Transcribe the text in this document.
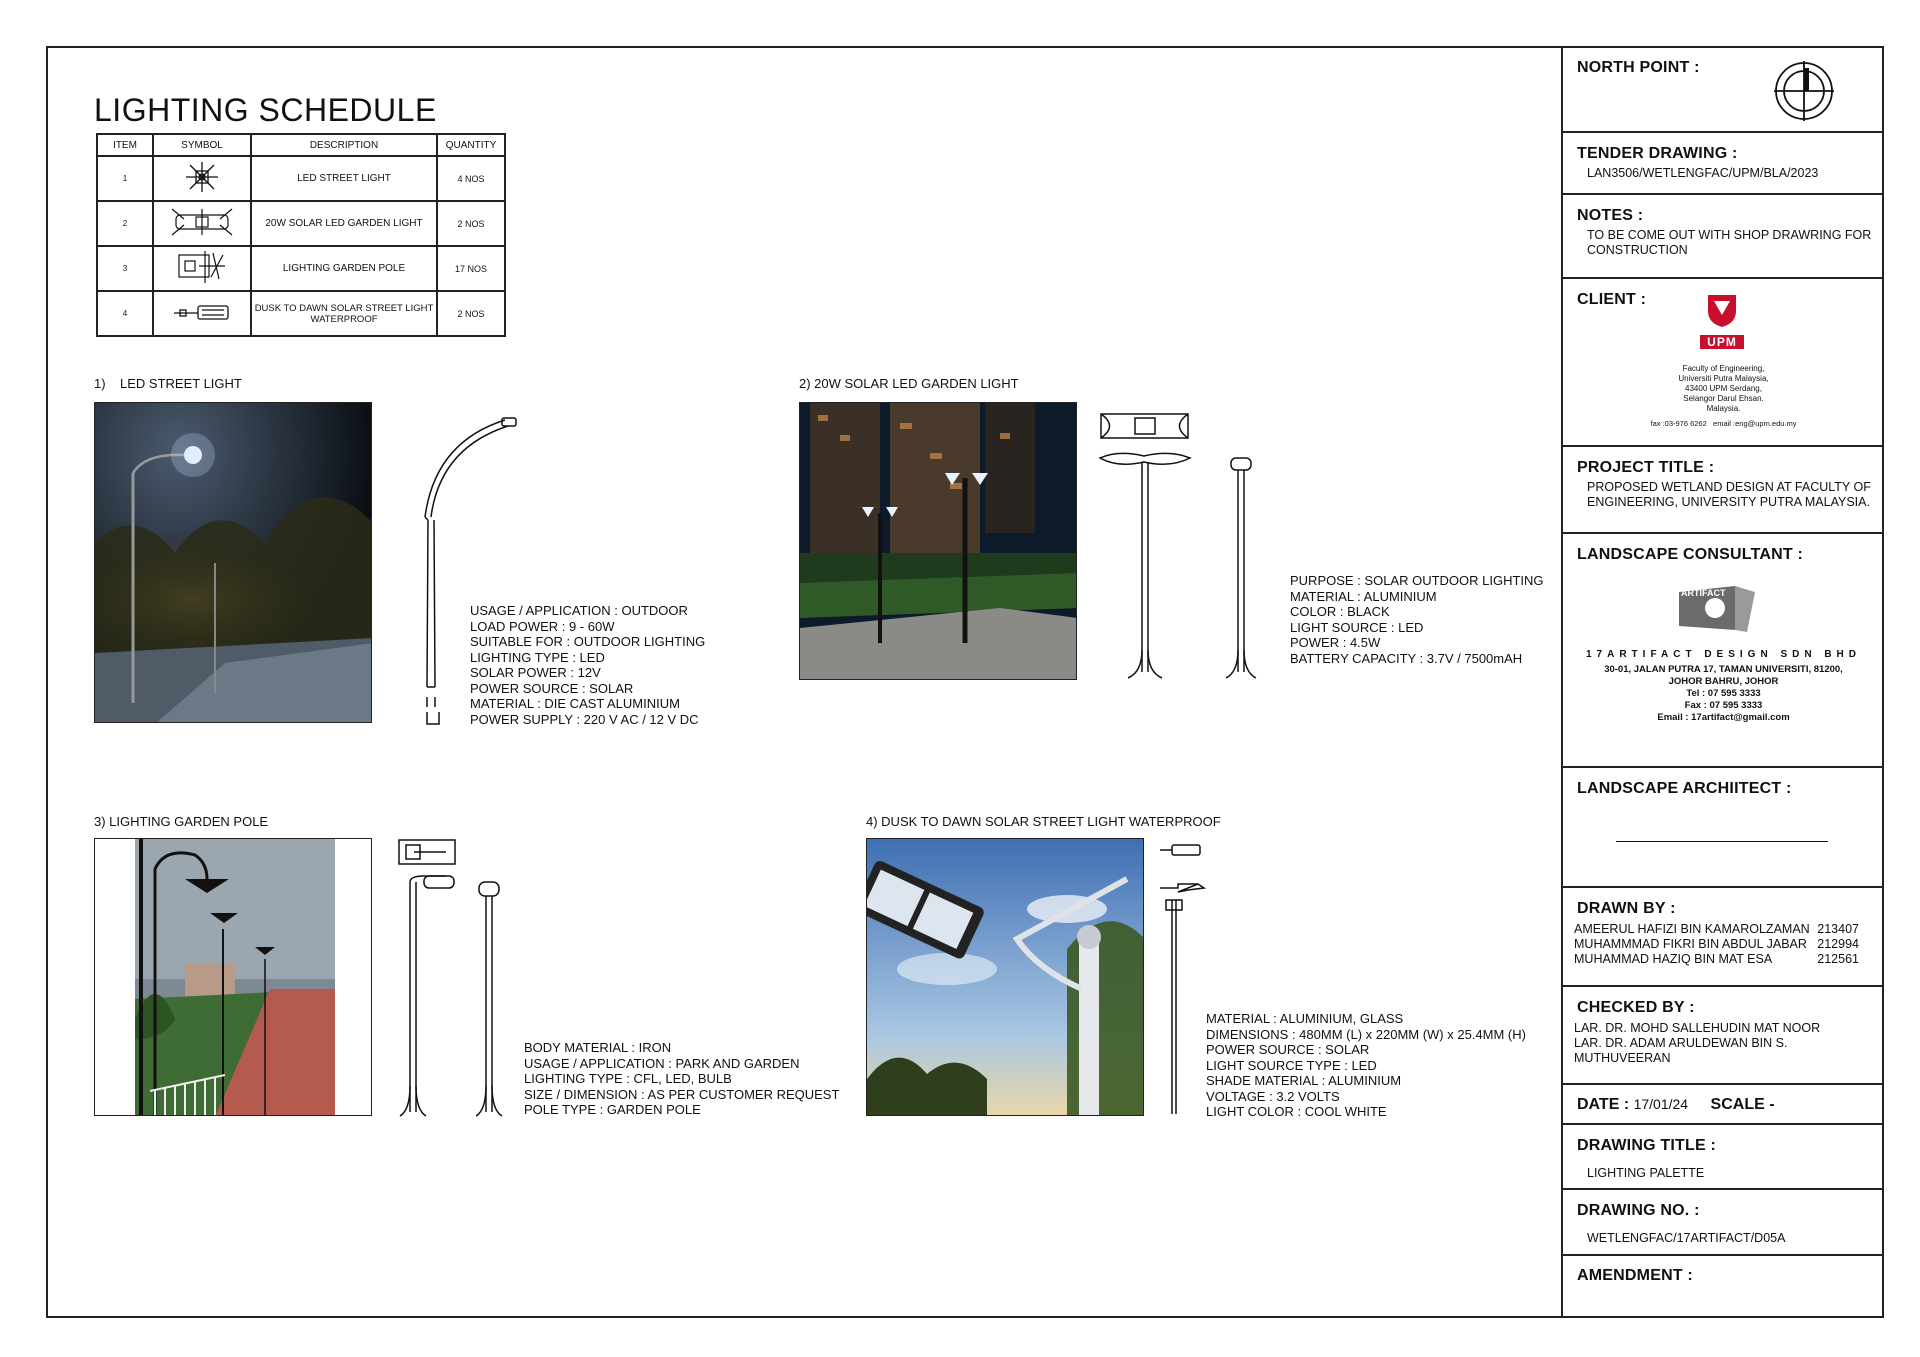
LIGHTING SCHEDULE
ITEM	SYMBOL	DESCRIPTION	QUANTITY
1		LED STREET LIGHT	4 NOS
2		20W SOLAR LED GARDEN LIGHT	2 NOS
3		LIGHTING GARDEN POLE	17 NOS
4		DUSK TO DAWN SOLAR STREET LIGHT WATERPROOF	2 NOS
1)    LED STREET LIGHT
USAGE / APPLICATION : OUTDOOR
LOAD POWER : 9 - 60W
SUITABLE FOR : OUTDOOR LIGHTING
LIGHTING TYPE : LED
SOLAR POWER : 12V
POWER SOURCE : SOLAR
MATERIAL : DIE CAST ALUMINIUM
POWER SUPPLY : 220 V AC / 12 V DC
2) 20W SOLAR LED GARDEN LIGHT
PURPOSE : SOLAR OUTDOOR LIGHTING
MATERIAL : ALUMINIUM
COLOR : BLACK
LIGHT SOURCE : LED
POWER : 4.5W
BATTERY CAPACITY : 3.7V / 7500mAH
3) LIGHTING GARDEN POLE
BODY MATERIAL : IRON
USAGE / APPLICATION : PARK AND GARDEN
LIGHTING TYPE : CFL, LED, BULB
SIZE / DIMENSION : AS PER CUSTOMER REQUEST
POLE TYPE : GARDEN POLE
4) DUSK TO DAWN SOLAR STREET LIGHT WATERPROOF
MATERIAL : ALUMINIUM, GLASS
DIMENSIONS : 480MM (L) x 220MM (W) x 25.4MM (H)
POWER SOURCE : SOLAR
LIGHT SOURCE TYPE : LED
SHADE MATERIAL : ALUMINIUM
VOLTAGE : 3.2 VOLTS
LIGHT COLOR : COOL WHITE
NORTH POINT :
TENDER DRAWING :
LAN3506/WETLENGFAC/UPM/BLA/2023
NOTES :
TO BE COME OUT WITH SHOP DRAWRING FOR CONSTRUCTION
CLIENT :
UPM
Faculty of Engineering,
Universiti Putra Malaysia,
43400 UPM Serdang,
Selangor Darul Ehsan.
Malaysia.
fax :03-976 6262   email :eng@upm.edu.my
PROJECT TITLE :
PROPOSED WETLAND DESIGN AT FACULTY OF ENGINEERING, UNIVERSITY PUTRA MALAYSIA.
LANDSCAPE CONSULTANT :
ARTIFACT
17ARTIFACT DESIGN SDN BHD
30-01, JALAN PUTRA 17, TAMAN UNIVERSITI, 81200,
JOHOR BAHRU, JOHOR
Tel : 07 595 3333
Fax : 07 595 3333
Email : 17artifact@gmail.com
LANDSCAPE ARCHIITECT :
DRAWN BY :
AMEERUL HAFIZI BIN KAMAROLZAMAN 213407
MUHAMMMAD FIKRI BIN ABDUL JABAR 212994
MUHAMMAD HAZIQ BIN MAT ESA	212561
CHECKED BY :
LAR. DR. MOHD SALLEHUDIN MAT NOOR
LAR. DR. ADAM ARULDEWAN BIN S.
MUTHUVEERAN
DATE : 17/01/24 SCALE -
DRAWING TITLE :
LIGHTING PALETTE
DRAWING NO. :
WETLENGFAC/17ARTIFACT/D05A
AMENDMENT :
